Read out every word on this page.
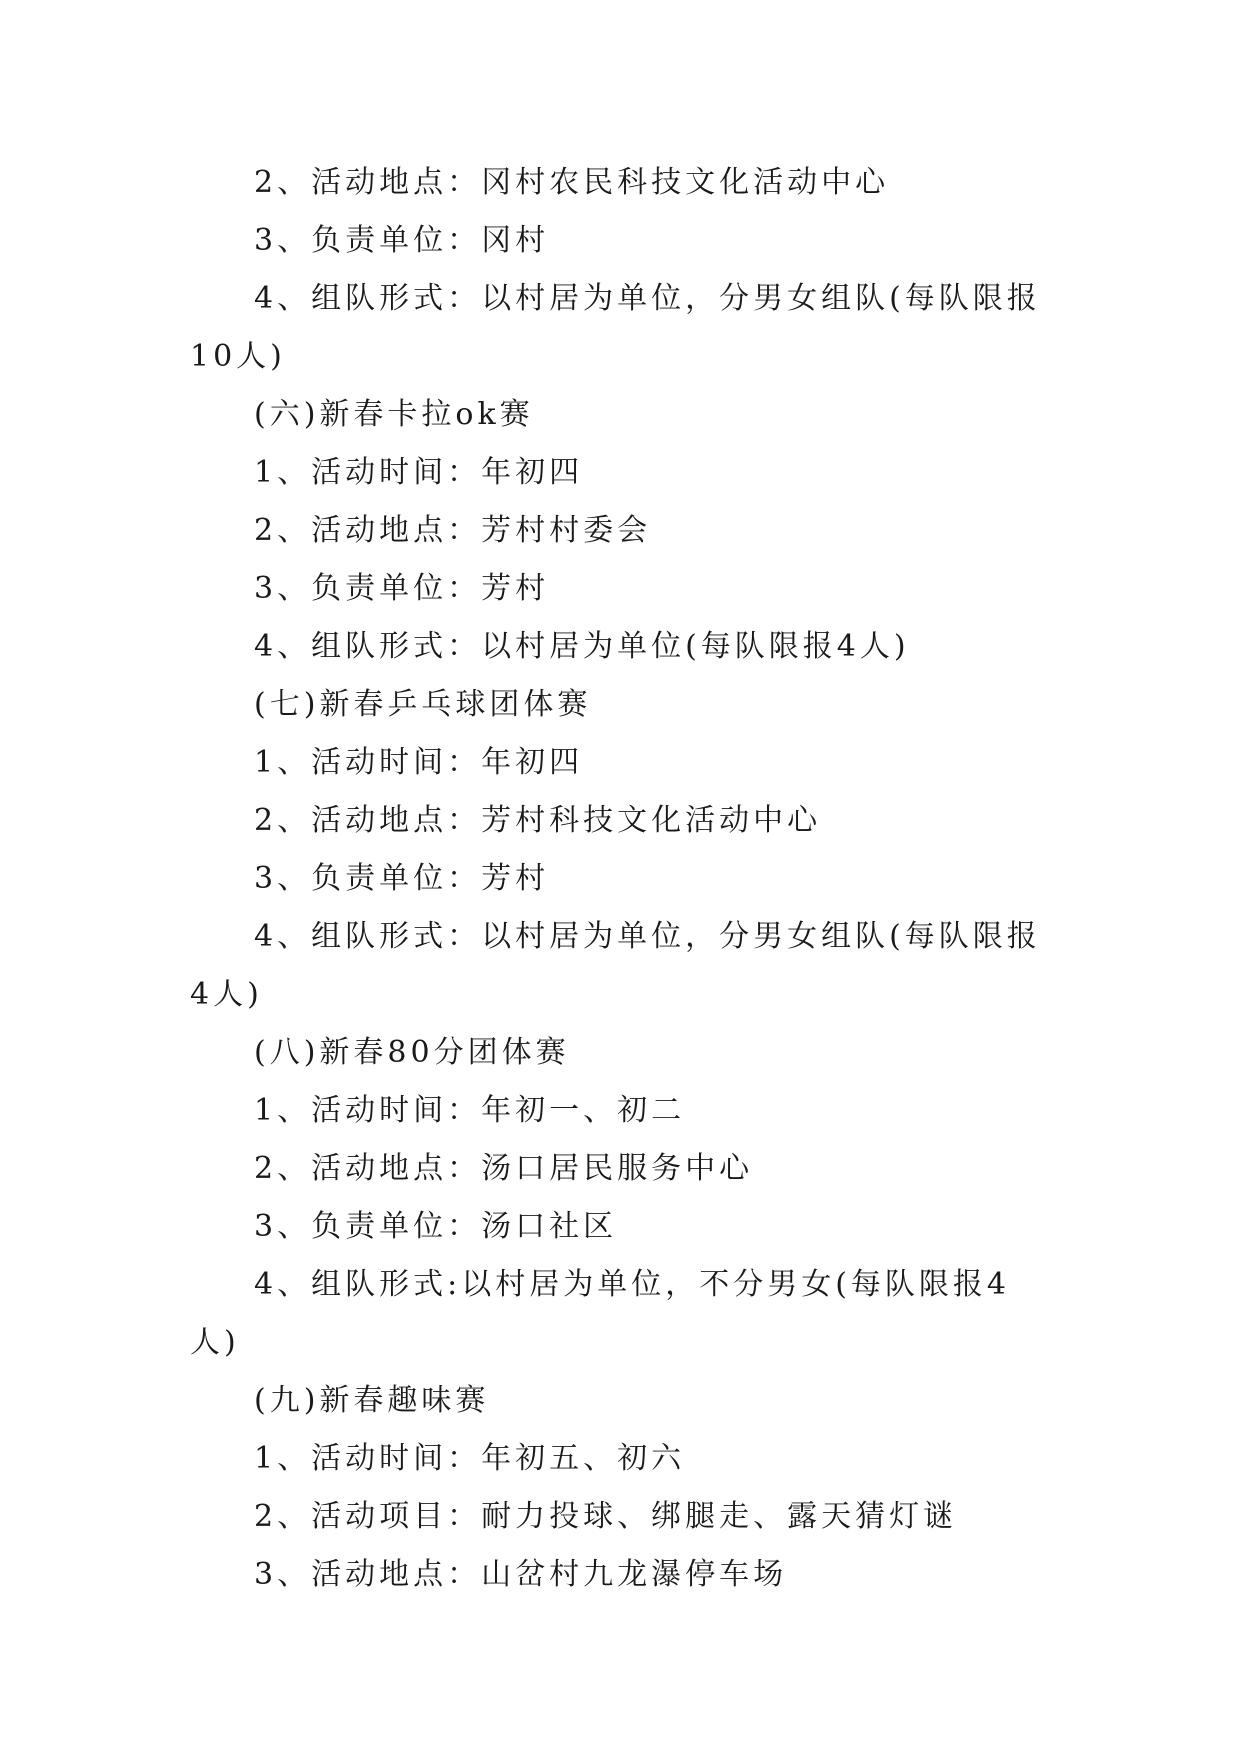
2、活动地点：冈村农民科技文化活动中心

3、负责单位：冈村

4、组队形式：以村居为单位，分男女组队(每队限报10人)

(六)新春卡拉ok赛

1、活动时间：年初四

2、活动地点：芳村村委会

3、负责单位：芳村

4、组队形式：以村居为单位(每队限报4人)

(七)新春乒乓球团体赛

1、活动时间：年初四

2、活动地点：芳村科技文化活动中心

3、负责单位：芳村

4、组队形式：以村居为单位，分男女组队(每队限报4人)

(八)新春80分团体赛

1、活动时间：年初一、初二

2、活动地点：汤口居民服务中心

3、负责单位：汤口社区

4、组队形式:以村居为单位，不分男女(每队限报4人)

(九)新春趣味赛

1、活动时间：年初五、初六

2、活动项目：耐力投球、绑腿走、露天猜灯谜

3、活动地点：山岔村九龙瀑停车场
